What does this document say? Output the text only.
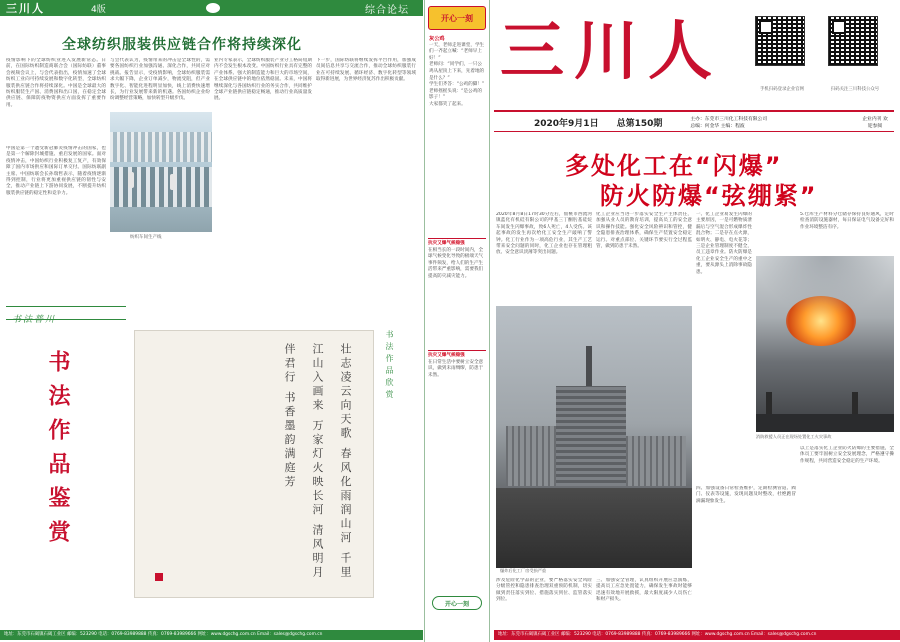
三川人	4版	综合论坛
全球纺织服装供应链合作将持续深化
疫情影响下的全球纺织业进入发展新常态。日前，在国际纺织制造商联合会（国际纺联）董事会视频会议上，与会代表指出，疫情加速了全球纺织工业向可持续发展和数字化转型，全球纺织服装供应链合作将持续深化。中国是全球最大的纺织服装生产国、消费国和出口国，在稳定全球供应链、保障防疫物资供应方面发挥了重要作用。
与会代表认为，疫情带来的冲击是全球性的，需要各国纺织行业加强沟通、深化合作，共同应对挑战。报告显示，受疫情影响，全球纺织服装需求大幅下降，企业订单减少，物流受阻，但产业数字化、智能化进程明显加快，线上消费快速增长，为行业发展带来新的机遇。各国纺织企业纷纷调整经营策略，加快转型升级步伐。
业内专家表示，全球纺织服装产业分工格局短期内不会发生根本改变。中国纺织行业具有完整的产业体系、强大的制造能力和巨大的市场空间，在全球供应链中的地位依然稳固。未来，中国将继续深化与各国纺织行业的务实合作，共同维护全球产业链供应链稳定畅通，推动行业高质量发展。
下一步，国际纺联将继续发挥平台作用，加强成员间信息共享与交流合作，推动全球纺织服装行业在可持续发展、循环经济、数字化转型等领域取得新进展，为世界经济复苏作出积极贡献。
纺织车间生产线
中国是第一个遭受新冠肺炎疫情冲击的国家，也是第一个解除封城措施、重启发展的国家。面对疫情冲击，中国纺织行业积极复工复产，有效保障了国内市场供应和国际订单交付。国际纺联副主席、中国纺联会长孙瑞哲表示，随着疫情逐渐得到控制，行业将更加重视供应链的韧性与安全，推动产业链上下游协同发展，不断提升纺织服装供应链的稳定性和竞争力。
书法普川
书法作品鉴赏	壮志凌云向天歌 春风化雨润山河 千里江山入画来 万家灯火映长河 清风明月伴君行 书香墨韵满庭芳	书法作品欣赏
地址：东莞市石碣镇石碣工业区 邮编：523290 电话：0769-83989888 传真：0769-83989666 网址：www.dgschg.com.cn Email：sales@dgschg.com.cn
开心一刻
灰公鸡
一天，老师走进课堂，学生们一齐起立喊：“老师早上好！”
老师问：“同学们，一只公鸡从屋顶上下来，先着地的是什么？”
学生们齐答：“公鸡的脚！”
老师摇摇头说：“是公鸡的影子！”
大家都笑了起来。
抗灾又爆气候稳强
在相当长的一段时间内，全球气候变化导致的极端天气事件频发，给人们的生产生活带来严重影响，需要我们提高防灾减灾能力。
抗灾又爆气候稳强
在日常生活中要树立安全意识，做到未雨绸缪，防患于未然。
开心一刻
三川人
手机扫码登录企业官网	扫码关注三川科技公众号
2020年9月1日 总第150期	主办：东莞市三川化工科技有限公司
总编：何金华 主编：程波
企业内刊 欢迎参阅
多处化工在“闪爆”
防火防爆“弦绷紧”
2020年8月8日17时30分左右，仙桃市西流河镇蓝化有机硅有限公司的甲基三丁酮肟基硅烷车间发生闪爆事故，致6人死亡，4人受伤。该起事故的发生再次给化工安全生产敲响了警钟。化工行业作为一项高危行业，其生产工艺带来安全问题的同时，化工企业也存在管理粗放、安全意识淡薄等突出问题。
化工企业应当进一步落实安全生产主体责任，加强从业人员的教育培训，提高员工的安全意识和操作技能。强化安全风险辨识和管控，健全隐患排查治理体系，确保生产装置安全稳定运行。对重点部位、关键环节要实行全过程监管，做到防患于未然。
一、化工企业易发生闪爆的主要原因，一是可燃物质泄漏后与空气混合形成爆炸性混合物；二是存在点火源，如明火、静电、电火花等；三是企业管理制度不健全，员工违章作业。防火防爆是化工企业安全生产的重中之重，要从源头上消除事故隐患。
5.仓库生产材料分仓储存保持良好通风，定时检查消防设施器材，每日保证电气设备完好和作业环境整洁有序。
消防救援人员正在现场处置化工火灾事故
爆炸后化工厂房受损严重
涉及危险化学品的企业，要严格落实安全风险分级管控和隐患排查治理双重预防机制，切实做到责任落实到位、措施落实到位、监管落实到位。
三、加强安全管理，认真组织开展应急演练，提高员工应急处置能力，确保发生事故时能够迅速有效地开展救援，最大限度减少人员伤亡和财产损失。
四、加强设备日常检查维护，定期检测管道、阀门、仪表等设施，发现问题及时整改，杜绝跑冒滴漏现象发生。
以上是落实化工企业防火防爆的主要措施，全体员工要牢固树立安全发展理念，严格遵守操作规程，共同营造安全稳定的生产环境。
地址：东莞市石碣镇石碣工业区 邮编：523290 电话：0769-83989888 传真：0769-83989666 网址：www.dgschg.com.cn Email：sales@dgschg.com.cn
